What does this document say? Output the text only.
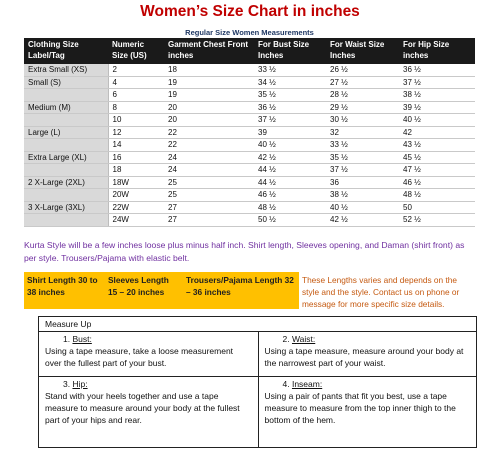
Women’s Size Chart in inches
Regular Size Women Measurements
Clothing Size Label/Tag	Numeric Size (US)	Garment Chest Front inches	For Bust Size Inches	For Waist Size Inches	For Hip Size inches
Extra Small (XS)	2	18	33 ½	26 ½	36 ½
Small (S)	4	19	34 ½	27 ½	37 ½
	6	19	35 ½	28 ½	38 ½
Medium (M)	8	20	36 ½	29 ½	39 ½
	10	20	37 ½	30 ½	40 ½
Large (L)	12	22	39	32	42
	14	22	40 ½	33 ½	43 ½
Extra Large (XL)	16	24	42 ½	35 ½	45 ½
	18	24	44 ½	37 ½	47 ½
2 X-Large (2XL)	18W	25	44 ½	36	46 ½
	20W	25	46 ½	38 ½	48 ½
3 X-Large (3XL)	22W	27	48 ½	40 ½	50
	24W	27	50 ½	42 ½	52 ½
Kurta Style will be a few inches loose plus minus half inch. Shirt length, Sleeves opening, and Daman (shirt front) as per style. Trousers/Pajama with elastic belt.
Shirt Length 30 to 38 inches
Sleeves Length 15 – 20 inches
Trousers/Pajama Length 32 – 36 inches
These Lengths varies and depends on the style and the style. Contact us on phone or message for more specific size details.
Measure Up
1. Bust:
Using a tape measure, take a loose measurement over the fullest part of your bust.
2. Waist:
Using a tape measure, measure around your body at the narrowest part of your waist.
3. Hip:
Stand with your heels together and use a tape measure to measure around your body at the fullest part of your hips and rear.
4. Inseam:
Using a pair of pants that fit you best, use a tape measure to measure from the top inner thigh to the bottom of the hem.
